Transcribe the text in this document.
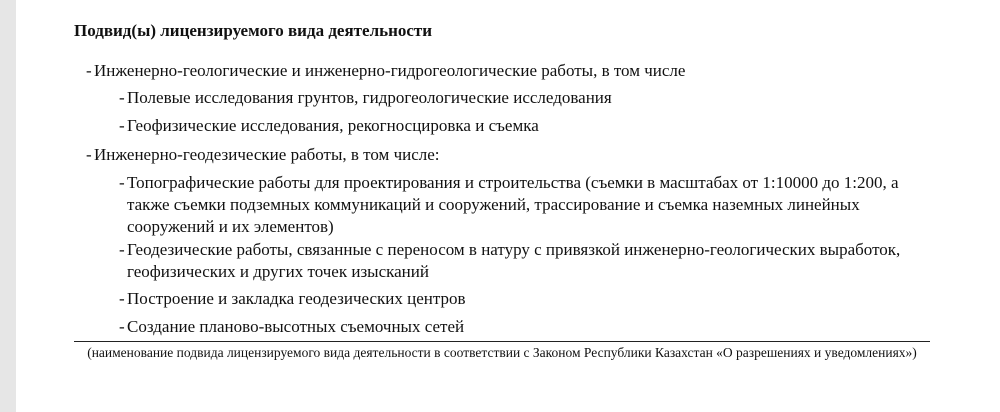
Подвид(ы) лицензируемого вида деятельности
- Инженерно-геологические и инженерно-гидрогеологические работы, в том числе
- Полевые исследования грунтов, гидрогеологические исследования
- Геофизические исследования, рекогносцировка и съемка
- Инженерно-геодезические работы, в том числе:
- Топографические работы для проектирования и строительства (съемки в масштабах от 1:10000 до 1:200, а также съемки подземных коммуникаций и сооружений, трассирование и съемка наземных линейных сооружений и их элементов)
- Геодезические работы, связанные с переносом в натуру с привязкой инженерно-геологических выработок, геофизических и других точек изысканий
- Построение и закладка геодезических центров
- Создание планово-высотных съемочных сетей
(наименование подвида лицензируемого вида деятельности в соответствии с Законом Республики Казахстан «О разрешениях и уведомлениях»)
